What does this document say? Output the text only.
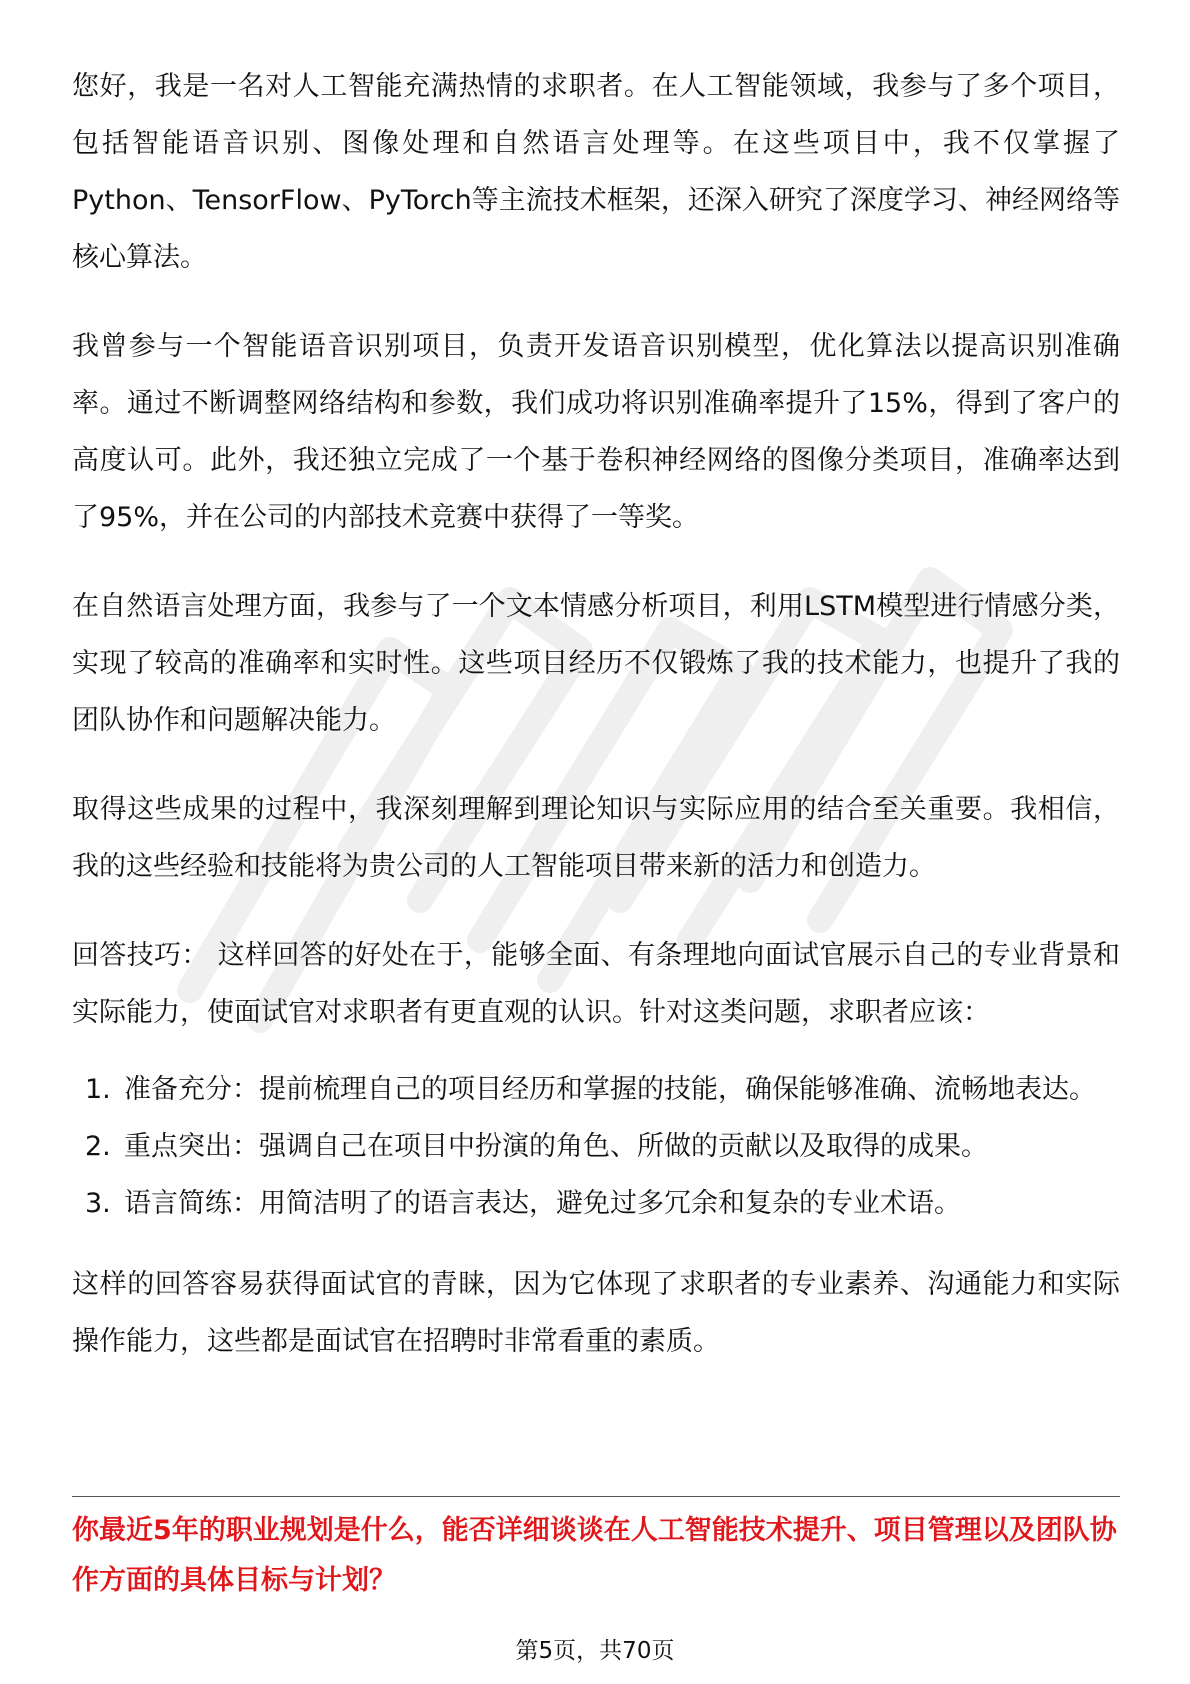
您好，我是一名对人工智能充满热情的求职者。在人工智能领域，我参与了多个项目，包括智能语音识别、图像处理和自然语言处理等。在这些项目中，我不仅掌握了Python、TensorFlow、PyTorch等主流技术框架，还深入研究了深度学习、神经网络等核心算法。

我曾参与一个智能语音识别项目，负责开发语音识别模型，优化算法以提高识别准确率。通过不断调整网络结构和参数，我们成功将识别准确率提升了15%，得到了客户的高度认可。此外，我还独立完成了一个基于卷积神经网络的图像分类项目，准确率达到了95%，并在公司的内部技术竞赛中获得了一等奖。

在自然语言处理方面，我参与了一个文本情感分析项目，利用LSTM模型进行情感分类，实现了较高的准确率和实时性。这些项目经历不仅锻炼了我的技术能力，也提升了我的团队协作和问题解决能力。

取得这些成果的过程中，我深刻理解到理论知识与实际应用的结合至关重要。我相信，我的这些经验和技能将为贵公司的人工智能项目带来新的活力和创造力。

回答技巧： 这样回答的好处在于，能够全面、有条理地向面试官展示自己的专业背景和实际能力，使面试官对求职者有更直观的认识。针对这类问题，求职者应该：

1. 准备充分：提前梳理自己的项目经历和掌握的技能，确保能够准确、流畅地表达。
2. 重点突出：强调自己在项目中扮演的角色、所做的贡献以及取得的成果。
3. 语言简练：用简洁明了的语言表达，避免过多冗余和复杂的专业术语。

这样的回答容易获得面试官的青睐，因为它体现了求职者的专业素养、沟通能力和实际操作能力，这些都是面试官在招聘时非常看重的素质。

你最近5年的职业规划是什么，能否详细谈谈在人工智能技术提升、项目管理以及团队协作方面的具体目标与计划？

第5页，共70页
